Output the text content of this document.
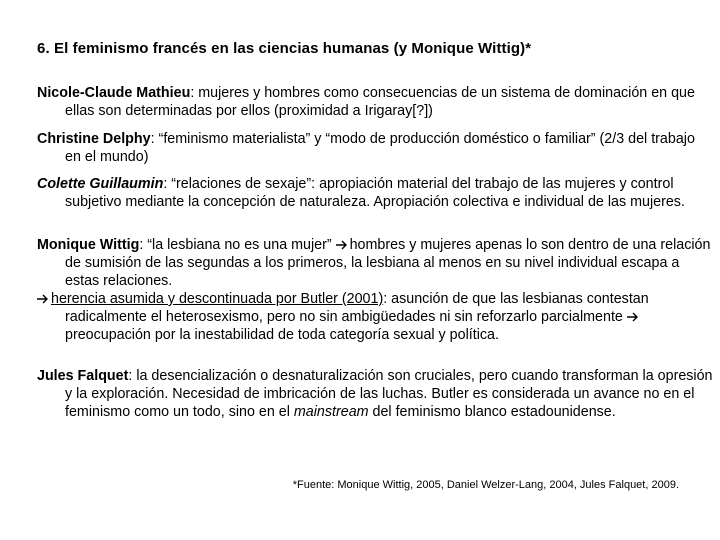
6. El feminismo francés en las ciencias humanas (y Monique Wittig)*
Nicole-Claude Mathieu: mujeres y hombres como consecuencias de un sistema de dominación en que ellas son determinadas por ellos (proximidad a Irigaray[?])
Christine Delphy: “feminismo materialista” y “modo de producción doméstico o familiar” (2/3 del trabajo en el mundo)
Colette Guillaumin: “relaciones de sexaje”: apropiación material del trabajo de las mujeres y control subjetivo mediante la concepción de naturaleza. Apropiación colectiva e individual de las mujeres.
Monique Wittig: “la lesbiana no es una mujer” hombres y mujeres apenas lo son dentro de una relación de sumisión de las segundas a los primeros, la lesbiana al menos en su nivel individual escapa a estas relaciones.
herencia asumida y descontinuada por Butler (2001): asunción de que las lesbianas contestan radicalmente el heterosexismo, pero no sin ambigüedades ni sin reforzarlo parcialmente preocupación por la inestabilidad de toda categoría sexual y política.
Jules Falquet: la desencialización o desnaturalización son cruciales, pero cuando transforman la opresión y la exploración. Necesidad de imbricación de las luchas. Butler es considerada un avance no en el feminismo como un todo, sino en el mainstream del feminismo blanco estadounidense.
*Fuente: Monique Wittig, 2005, Daniel Welzer-Lang, 2004, Jules Falquet, 2009.
